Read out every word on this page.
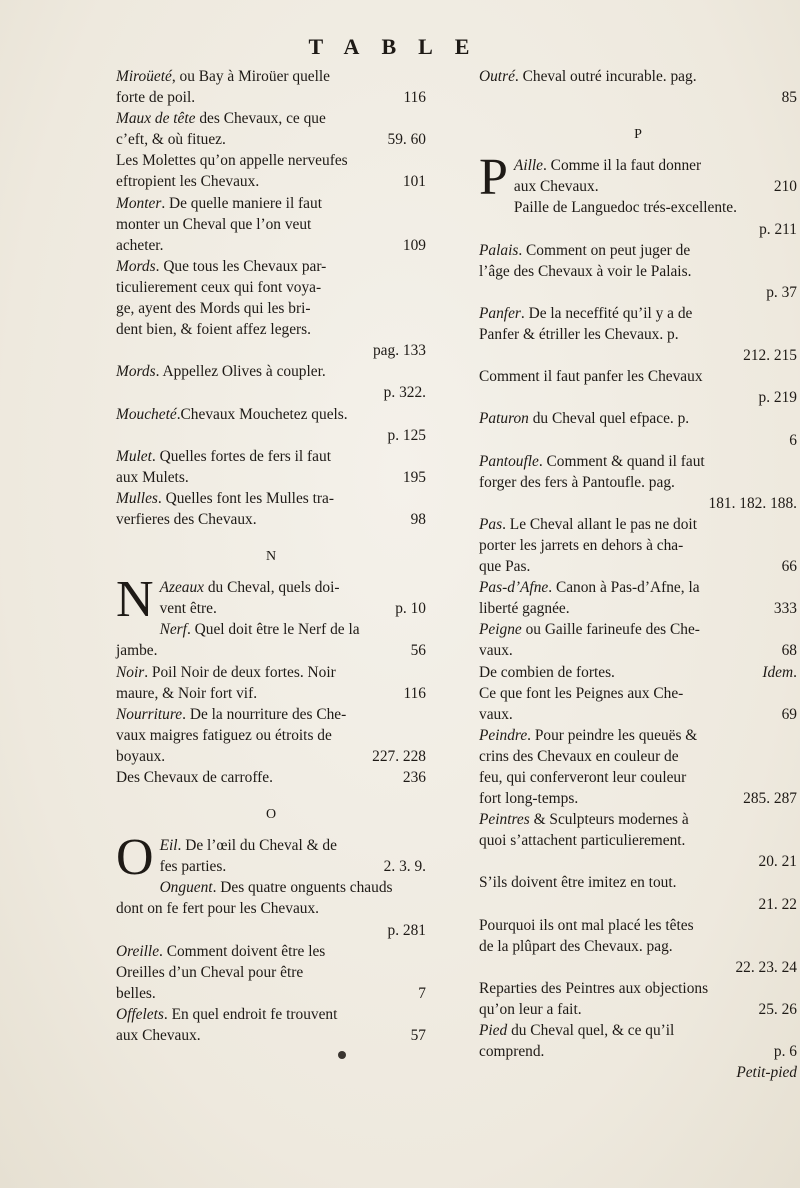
TABLE
Miroüeté, ou Bay à Miroüer quelle
forte de poil.	116
Maux de tête des Chevaux, ce que
c’eft, & où fituez.	59. 60
Les Molettes qu’on appelle nerveufes
eftropient les Chevaux.	101
Monter. De quelle maniere il faut
monter un Cheval que l’on veut
acheter.	109
Mords. Que tous les Chevaux par-
ticulierement ceux qui font voya-
ge, ayent des Mords qui les bri-
dent bien, & foient affez legers.
pag. 133
Mords. Appellez Olives à coupler.
p. 322.
Moucheté.Chevaux Mouchetez quels.
p. 125
Mulet. Quelles fortes de fers il faut
aux Mulets.	195
Mulles. Quelles font les Mulles tra-
verfieres des Chevaux.	98
N
N Azeaux du Cheval, quels doi-
vent être.	p. 10
Nerf. Quel doit être le Nerf de la
jambe.	56
Noir. Poil Noir de deux fortes. Noir
maure, & Noir fort vif.	116
Nourriture. De la nourriture des Che-
vaux maigres fatiguez ou étroits de
boyaux.	227. 228
Des Chevaux de carroffe.	236
O
O Eil. De l’œil du Cheval & de
fes parties.	2. 3. 9.
Onguent. Des quatre onguents chauds
dont on fe fert pour les Chevaux.
p. 281
Oreille. Comment doivent être les
Oreilles d’un Cheval pour être
belles.	7
Offelets. En quel endroit fe trouvent
aux Chevaux.	57
Outré. Cheval outré incurable. pag.
85
P
P Aille. Comme il la faut donner
aux Chevaux.	210
Paille de Languedoc trés-excellente.
p. 211
Palais. Comment on peut juger de
l’âge des Chevaux à voir le Palais.
p. 37
Panfer. De la neceffité qu’il y a de
Panfer & étriller les Chevaux. p.
212. 215
Comment il faut panfer les Chevaux
p. 219
Paturon du Cheval quel efpace. p.
6
Pantoufle. Comment & quand il faut
forger des fers à Pantoufle. pag.
181. 182. 188.
Pas. Le Cheval allant le pas ne doit
porter les jarrets en dehors à cha-
que Pas.	66
Pas-d’Afne. Canon à Pas-d’Afne, la
liberté gagnée.	333
Peigne ou Gaille farineufe des Che-
vaux.	68
De combien de fortes.	Idem.
Ce que font les Peignes aux Che-
vaux.	69
Peindre. Pour peindre les queuës &
crins des Chevaux en couleur de
feu, qui conferveront leur couleur
fort long-temps.	285. 287
Peintres & Sculpteurs modernes à
quoi s’attachent particulierement.
20. 21
S’ils doivent être imitez en tout.
21. 22
Pourquoi ils ont mal placé les têtes
de la plûpart des Chevaux. pag.
22. 23. 24
Reparties des Peintres aux objections
qu’on leur a fait.	25. 26
Pied du Cheval quel, & ce qu’il
comprend.	p. 6
Petit-pied
